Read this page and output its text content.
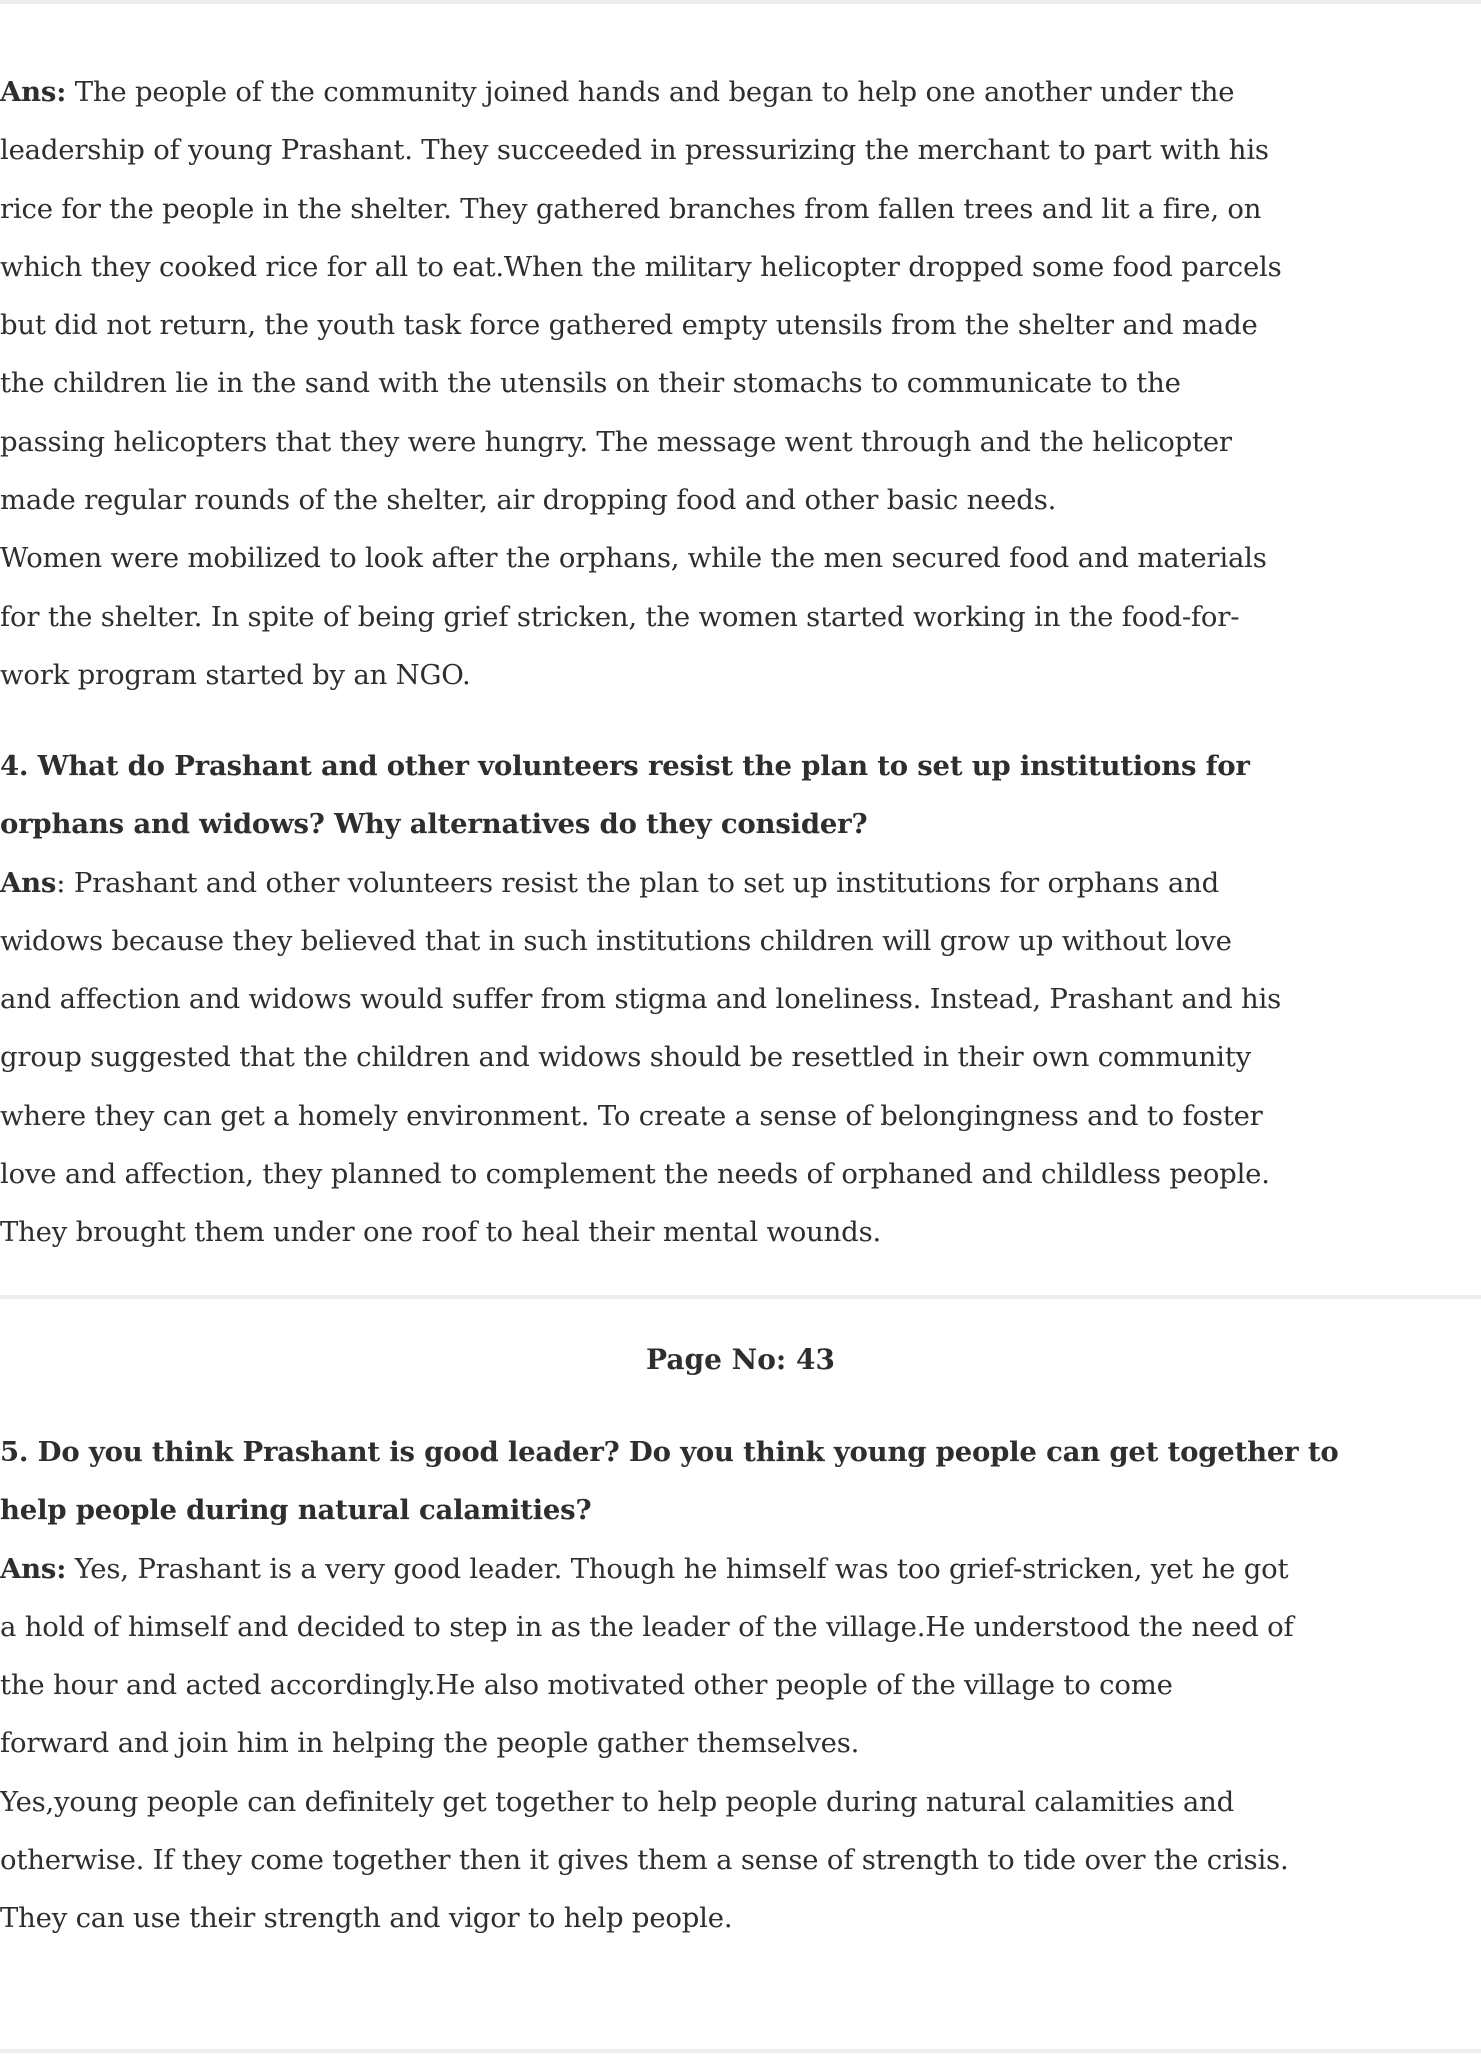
Ans: The people of the community joined hands and began to help one another under the
leadership of young Prashant. They succeeded in pressurizing the merchant to part with his
rice for the people in the shelter. They gathered branches from fallen trees and lit a fire, on
which they cooked rice for all to eat.When the military helicopter dropped some food parcels
but did not return, the youth task force gathered empty utensils from the shelter and made
the children lie in the sand with the utensils on their stomachs to communicate to the
passing helicopters that they were hungry. The message went through and the helicopter
made regular rounds of the shelter, air dropping food and other basic needs.
Women were mobilized to look after the orphans, while the men secured food and materials
for the shelter. In spite of being grief stricken, the women started working in the food-for-
work program started by an NGO.
4. What do Prashant and other volunteers resist the plan to set up institutions for
orphans and widows? Why alternatives do they consider?
Ans: Prashant and other volunteers resist the plan to set up institutions for orphans and
widows because they believed that in such institutions children will grow up without love
and affection and widows would suffer from stigma and loneliness. Instead, Prashant and his
group suggested that the children and widows should be resettled in their own community
where they can get a homely environment. To create a sense of belongingness and to foster
love and affection, they planned to complement the needs of orphaned and childless people.
They brought them under one roof to heal their mental wounds.
Page No: 43
5. Do you think Prashant is good leader? Do you think young people can get together to
help people during natural calamities?
Ans: Yes, Prashant is a very good leader. Though he himself was too grief-stricken, yet he got
a hold of himself and decided to step in as the leader of the village.He understood the need of
the hour and acted accordingly.He also motivated other people of the village to come
forward and join him in helping the people gather themselves.
Yes,young people can definitely get together to help people during natural calamities and
otherwise. If they come together then it gives them a sense of strength to tide over the crisis.
They can use their strength and vigor to help people.
